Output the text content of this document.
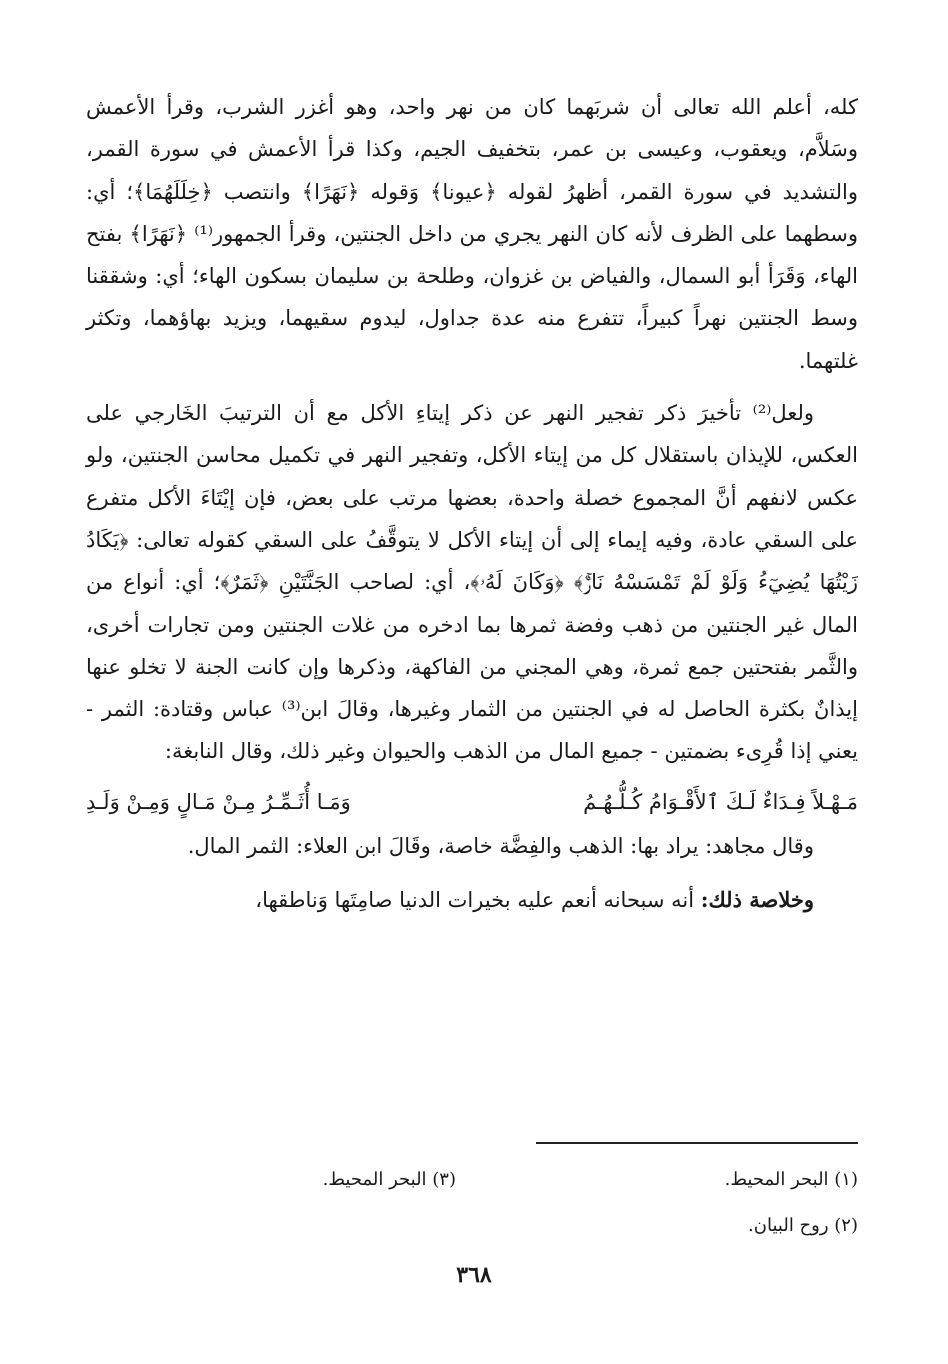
كله، أعلم الله تعالى أن شربَهما كان من نهر واحد، وهو أغزر الشرب، وقرأ الأعمش وسَلاَّم، ويعقوب، وعيسى بن عمر، بتخفيف الجيم، وكذا قرأ الأعمش في سورة القمر، والتشديد في سورة القمر، أظهرُ لقوله ﴿عيونا﴾ وَقوله ﴿نَهَرًا﴾ وانتصب ﴿خِلَلَهُمَا﴾؛ أي: وسطهما على الظرف لأنه كان النهر يجري من داخل الجنتين، وقرأ الجمهور⁽¹⁾ ﴿نَهَرًا﴾ بفتح الهاء، وَقَرَأ أبو السمال، والفياض بن غزوان، وطلحة بن سليمان بسكون الهاء؛ أي: وشققنا وسط الجنتين نهراً كبيراً، تتفرع منه عدة جداول، ليدوم سقيهما، ويزيد بهاؤهما، وتكثر غلتهما.

ولعل⁽²⁾ تأخيرَ ذكر تفجير النهر عن ذكر إيتاءِ الأكل مع أن الترتيبَ الخَارجي على العكس، للإيذان باستقلال كل من إيتاء الأكل، وتفجير النهر في تكميل محاسن الجنتين، ولو عكس لانفهم أنَّ المجموع خصلة واحدة، بعضها مرتب على بعض، فإن إيْتَاءَ الأكل متفرع على السقي عادة، وفيه إيماء إلى أن إيتاء الأكل لا يتوقَّفُ على السقي كقوله تعالى: ﴿يَكَادُ زَيْتُهَا يُضِيٓءُ وَلَوْ لَمْ تَمْسَسْهُ نَارٌۚ﴾ ﴿وَكَانَ لَهُۥ﴾، أي: لصاحب الجَنَّتَيْنِ ﴿ثَمَرٌ﴾؛ أي: أنواع من المال غير الجنتين من ذهب وفضة ثمرها بما ادخره من غلات الجنتين ومن تجارات أخرى، والثَّمر بفتحتين جمع ثمرة، وهي المجني من الفاكهة، وذكرها وإن كانت الجنة لا تخلو عنها إيذانٌ بكثرة الحاصل له في الجنتين من الثمار وغيرها، وقالَ ابن⁽³⁾ عباس وقتادة: الثمر - يعني إذا قُرِىء بضمتين - جميع المال من الذهب والحيوان وغير ذلك، وقال النابغة:

مَـهْـلاً فِـدَاءٌ لَـكَ ٱلأَقْـوَامُ كُـلُّـهُـمُ
وَمَـا أُثَـمِّـرُ مِـنْ مَـالٍ وَمِـنْ وَلَـدِ

وقال مجاهد: يراد بها: الذهب والفِضَّة خاصة، وقَالَ ابن العلاء: الثمر المال.

وخلاصة ذلك: أنه سبحانه أنعم عليه بخيرات الدنيا صامِتَها وَناطقها،

(١) البحر المحيط.
(٣) البحر المحيط.
(٢) روح البيان.
٣٦٨
